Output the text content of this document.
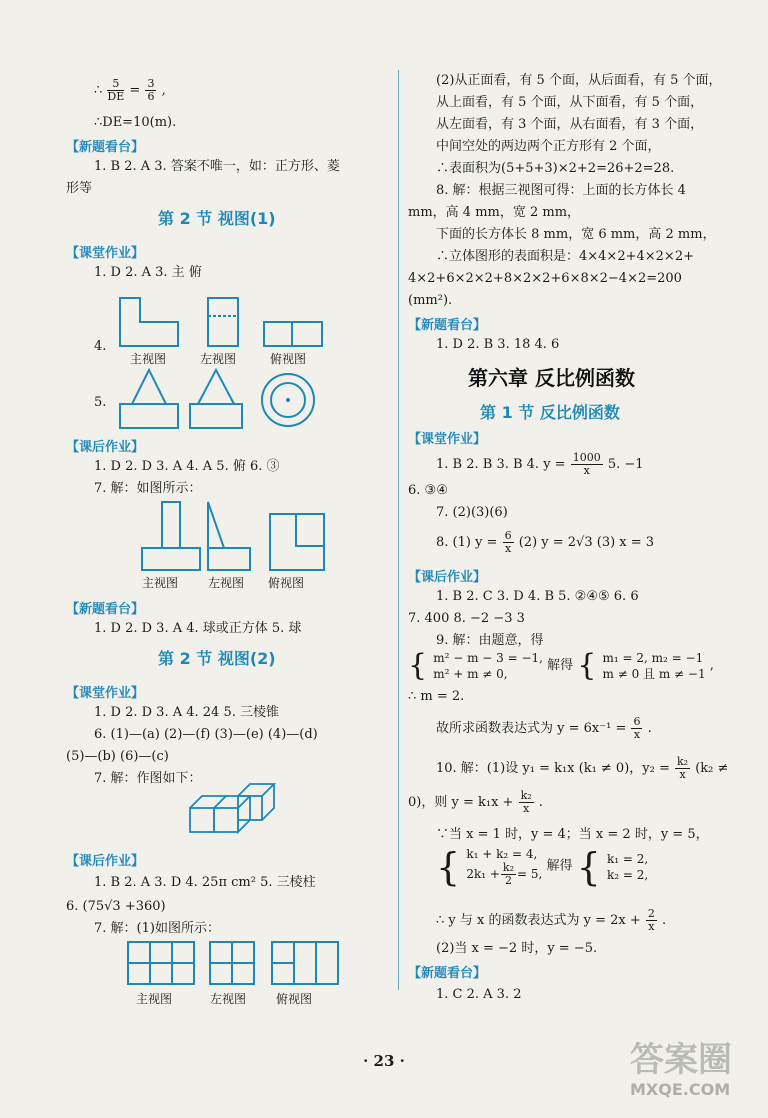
∴ $\frac{5}{DE} = \frac{3}{6}$ ,
∴DE=10(m).
【新题看台】
1. B 2. A 3. 答案不唯一，如：正方形、菱
形等
第 2 节 视图(1)
【课堂作业】
1. D 2. A 3. 主 俯
4.
主视图	左视图	俯视图
5.
【课后作业】
1. D 2. D 3. A 4. A 5. 俯 6. ③
7. 解：如图所示：
主视图 左视图 俯视图
【新题看台】
1. D 2. D 3. A 4. 球或正方体 5. 球
第 2 节 视图(2)
【课堂作业】
1. D 2. D 3. A 4. 24 5. 三棱锥
6. (1)—(a) (2)—(f) (3)—(e) (4)—(d)
(5)—(b) (6)—(c)
7. 解：作图如下：
【课后作业】
1. B 2. A 3. D 4. 25π cm² 5. 三棱柱
6. (75√3 +360)
7. 解：(1)如图所示：
主视图	左视图 俯视图
(2)从正面看，有 5 个面，从后面看，有 5 个面，
从上面看，有 5 个面，从下面看，有 5 个面，
从左面看，有 3 个面，从右面看，有 3 个面，
中间空处的两边两个正方形有 2 个面，
∴表面积为(5+5+3)×2+2=26+2=28.
8. 解：根据三视图可得：上面的长方体长 4
mm，高 4 mm，宽 2 mm，
下面的长方体长 8 mm，宽 6 mm，高 2 mm，
∴立体图形的表面积是：4×4×2+4×2×2+
4×2+6×2×2+8×2×2+6×8×2−4×2=200
(mm²).
【新题看台】
1. D 2. B 3. 18 4. 6
第六章 反比例函数
第 1 节 反比例函数
【课堂作业】
1. B 2. B 3. B 4. $y = \frac{1000}{x} 5$. −1
6. ③④
7. (2)(3)(6)
8. (1) $y = \frac{6}{x} (2) y = 2√3$ (3) x = 3
【课后作业】
1. B 2. C 3. D 4. B 5. ②④⑤ 6. 6
7. 400 8. −2 −3 3
9. 解：由题意，得
{ m² − m − 3 = −1,
m² + m ≠ 0,
解得 { m₁ = 2, m₂ = −1
m ≠ 0 且 m ≠ −1
,
∴ m = 2.
故所求函数表达式为 $y = 6x^{-1} = \frac{6}{x}$ .
10. 解：(1)设 y₁ = k₁x (k₁ ≠ 0)，$y_2 = \frac{\text{k₂}}{x} (k_2$ ≠
0)，则 $y = k_1x + \frac{\text{k₂}}{x}$ .
∵当 x = 1 时，y = 4；当 x = 2 时，y = 5，
{ k₁ + k₂ = 4,
$2k_1 + \frac{\text{k₂}}{2} = 5$,
解得 { k₁ = 2,
k₂ = 2,
∴ y 与 x 的函数表达式为 $y = 2x + \frac{2}{x}$ .
(2)当 x = −2 时，y = −5.
【新题看台】
1. C 2. A 3. 2
· 23 ·	答案圈
MXQE.COM
